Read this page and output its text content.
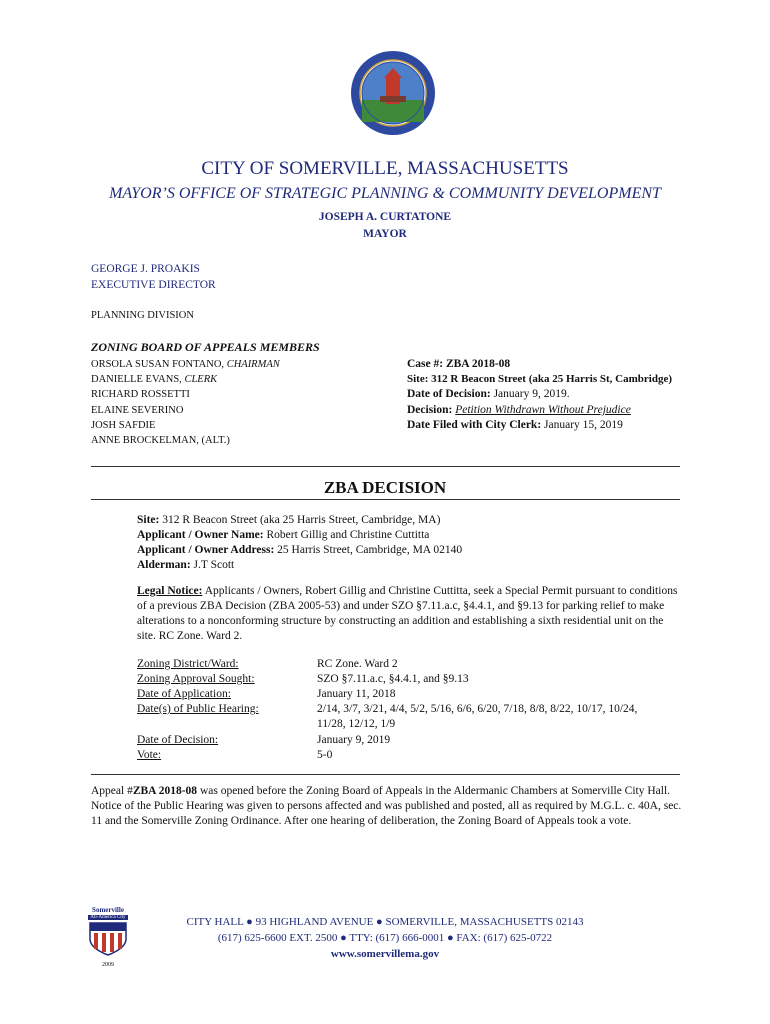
CITY OF SOMERVILLE, MASSACHUSETTS
MAYOR’S OFFICE OF STRATEGIC PLANNING & COMMUNITY DEVELOPMENT
JOSEPH A. CURTATONE
MAYOR
GEORGE J. PROAKIS
EXECUTIVE DIRECTOR
PLANNING DIVISION
ZONING BOARD OF APPEALS MEMBERS
ORSOLA SUSAN FONTANO, CHAIRMAN
DANIELLE EVANS, CLERK
RICHARD ROSSETTI
ELAINE SEVERINO
JOSH SAFDIE
ANNE BROCKELMAN, (ALT.)
Case #: ZBA 2018-08
Site: 312 R Beacon Street (aka 25 Harris St, Cambridge)
Date of Decision: January 9, 2019.
Decision: Petition Withdrawn Without Prejudice
Date Filed with City Clerk: January 15, 2019
ZBA DECISION
Site: 312 R Beacon Street (aka 25 Harris Street, Cambridge, MA)
Applicant / Owner Name: Robert Gillig and Christine Cuttitta
Applicant / Owner Address: 25 Harris Street, Cambridge, MA 02140
Alderman: J.T Scott
Legal Notice: Applicants / Owners, Robert Gillig and Christine Cuttitta, seek a Special Permit pursuant to conditions of a previous ZBA Decision (ZBA 2005-53) and under SZO §7.11.a.c, §4.4.1, and §9.13 for parking relief to make alterations to a nonconforming structure by constructing an addition and establishing a sixth residential unit on the site. RC Zone. Ward 2.
Zoning District/Ward:	RC Zone. Ward 2
Zoning Approval Sought:	SZO §7.11.a.c, §4.4.1, and §9.13
Date of Application:	January 11, 2018
Date(s) of Public Hearing:	2/14, 3/7, 3/21, 4/4, 5/2, 5/16, 6/6, 6/20, 7/18, 8/8, 8/22, 10/17, 10/24,
11/28, 12/12, 1/9
Date of Decision:	January 9, 2019
Vote:	5-0
Appeal #ZBA 2018-08 was opened before the Zoning Board of Appeals in the Aldermanic Chambers at Somerville City Hall. Notice of the Public Hearing was given to persons affected and was published and posted, all as required by M.G.L. c. 40A, sec. 11 and the Somerville Zoning Ordinance. After one hearing of deliberation, the Zoning Board of Appeals took a vote.
Somerville
All-America City
2009
CITY HALL ● 93 HIGHLAND AVENUE ● SOMERVILLE, MASSACHUSETTS 02143
(617) 625-6600 EXT. 2500 ● TTY: (617) 666-0001 ● FAX: (617) 625-0722
www.somervillema.gov
